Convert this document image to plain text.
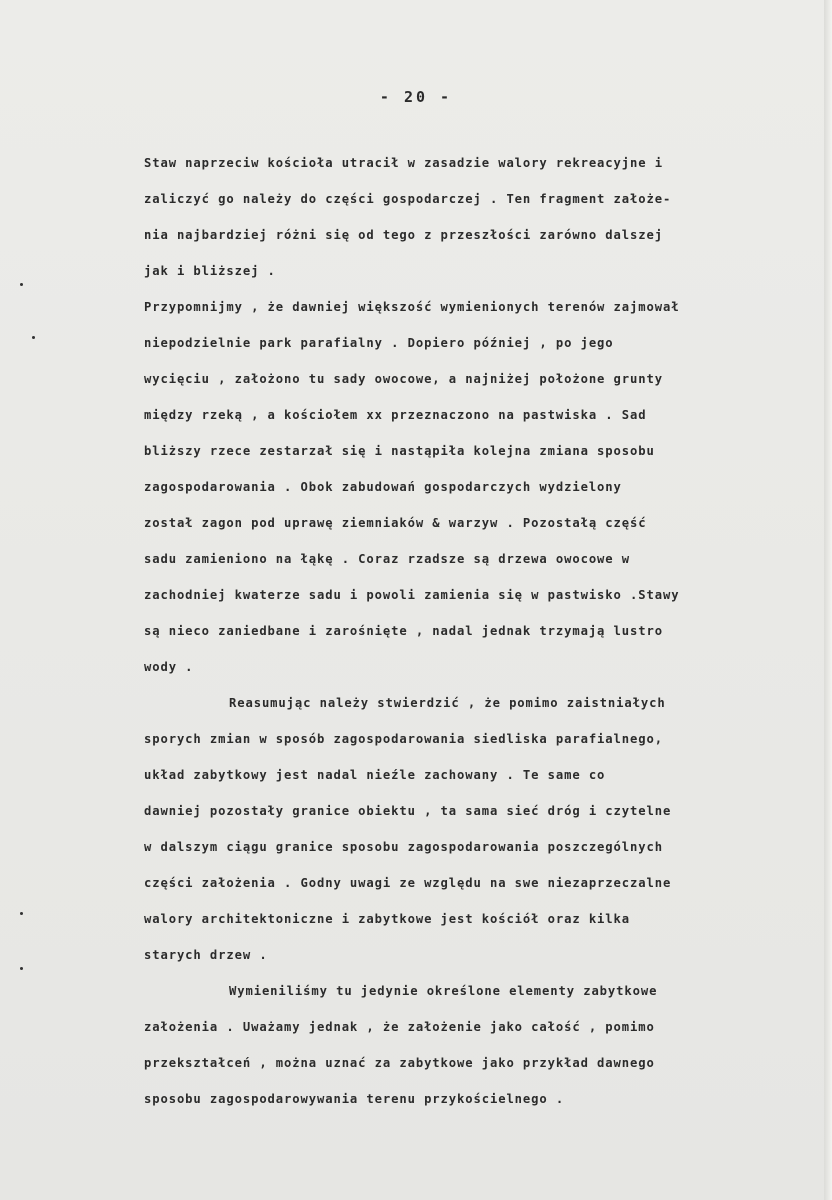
- 20 -
Staw naprzeciw kościoła utracił w zasadzie walory rekreacyjne i
zaliczyć go należy do części gospodarczej . Ten fragment założe-
nia najbardziej różni się od tego z przeszłości zarówno dalszej
jak i bliższej .
Przypomnijmy , że dawniej większość wymienionych terenów zajmował
niepodzielnie park parafialny . Dopiero później , po jego
wycięciu , założono tu sady owocowe, a najniżej położone grunty
między rzeką , a kościołem xx przeznaczono na pastwiska . Sad
bliższy rzece zestarzał się i nastąpiła kolejna zmiana sposobu
zagospodarowania . Obok zabudowań gospodarczych wydzielony
został zagon pod uprawę ziemniaków & warzyw . Pozostałą część
sadu zamieniono na łąkę . Coraz rzadsze są drzewa owocowe w
zachodniej kwaterze sadu i powoli zamienia się w pastwisko .Stawy
są nieco zaniedbane i zarośnięte , nadal jednak trzymają lustro
wody .
Reasumując należy stwierdzić , że pomimo zaistniałych
sporych zmian w sposób zagospodarowania siedliska parafialnego,
układ zabytkowy jest nadal nieźle zachowany . Te same co
dawniej pozostały granice obiektu , ta sama sieć dróg i czytelne
w dalszym ciągu granice sposobu zagospodarowania poszczególnych
części założenia . Godny uwagi ze względu na swe niezaprzeczalne
walory architektoniczne i zabytkowe jest kościół oraz kilka
starych drzew .
Wymieniliśmy tu jedynie określone elementy zabytkowe
założenia . Uważamy jednak , że założenie jako całość , pomimo
przekształceń , można uznać za zabytkowe jako przykład dawnego
sposobu zagospodarowywania terenu przykościelnego .
